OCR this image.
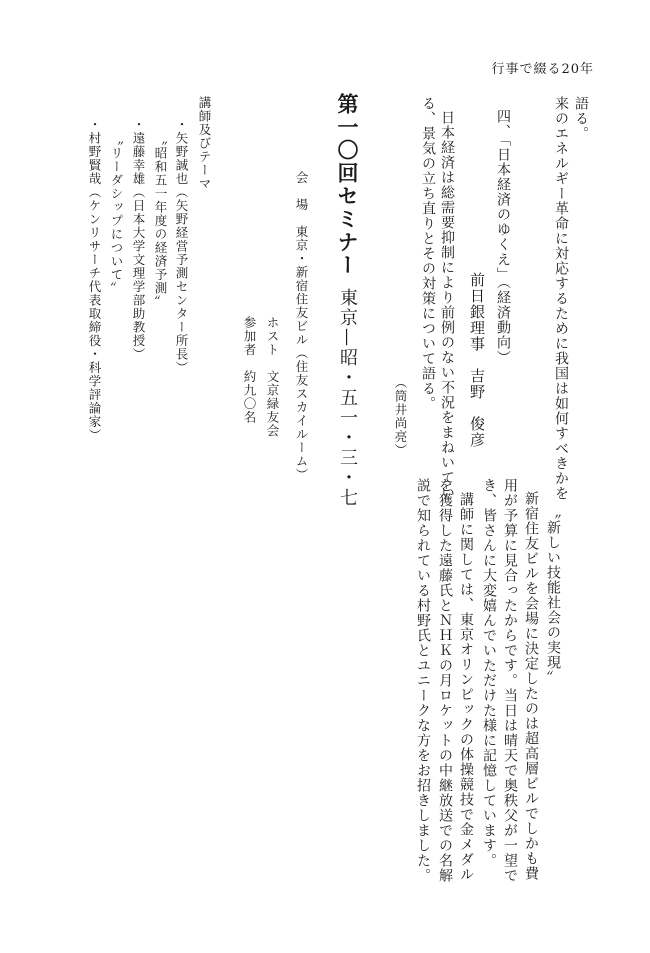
行事で綴る20年
来のエネルギー革命に対応するために我国は如何すべきかを 語る。
四、「日本経済のゆくえ」（経済動向）
前日銀理事　吉野　俊彦
日本経済は総需要抑制により前例のない不況をまねいてい
る、景気の立ち直りとその対策について語る。
（筒井尚亮）
第一〇回セミナー
東京—昭・五一・三・七
会　場　東京・新宿住友ビル（住友スカイルーム）
ホスト　文京緑友会
参加者　約九〇名
講師及びテーマ
・矢野誠也（矢野経営予測センター所長）
〝昭和五一年度の経済予測〟
・遠藤幸雄（日本大学文理学部助教授）
〝リーダシップについて〟
・村野賢哉（ケンリサーチ代表取締役・科学評論家）
〝新しい技能社会の実現〟
新宿住友ビルを会場に決定したのは超高層ビルでしかも費
用が予算に見合ったからです。当日は晴天で奥秩父が一望で
き、皆さんに大変嬉んでいただけた様に記憶しています。
講師に関しては、東京オリンピックの体操競技で金メダル
を獲得した遠藤氏とＮＨＫの月ロケットの中継放送での名解
説で知られている村野氏とユニークな方をお招きしました。
